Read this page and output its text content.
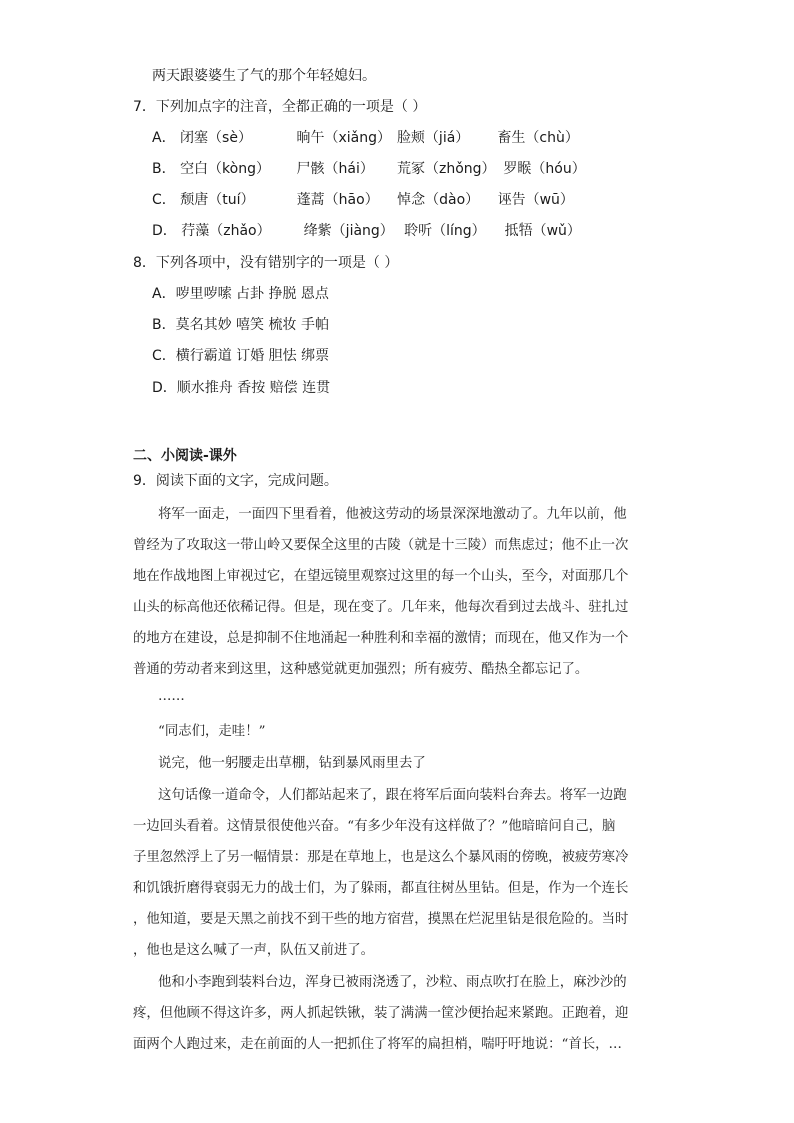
两天跟婆婆生了气的那个年轻媳妇。
7．下列加点字的注音，全都正确的一项是（ ）
A． 闭塞（sè）	晌午（xiǎng） 脸颊（jiá） 畜生（chù）
B． 空白（kòng） 尸骸（hái） 荒冢（zhǒng） 罗睺（hóu）
C． 颓唐（tuí）	蓬蒿（hāo） 悼念（dào） 诬告（wū）
D． 荇藻（zhǎo） 绛紫（jiàng） 聆听（líng） 抵牾（wǔ）
8．下列各项中，没有错别字的一项是（ ）
A．哕里哕嗦 占卦 挣脱 恩点
B．莫名其妙 嘻笑 梳妆 手帕
C．横行霸道 订婚 胆怯 绑票
D．顺水推舟 香按 赔偿 连贯
二、小阅读-课外
9．阅读下面的文字，完成问题。
将军一面走，一面四下里看着，他被这劳动的场景深深地激动了。九年以前，他
曾经为了攻取这一带山岭又要保全这里的古陵（就是十三陵）而焦虑过；他不止一次
地在作战地图上审视过它，在望远镜里观察过这里的每一个山头，至今，对面那几个
山头的标高他还依稀记得。但是，现在变了。几年来，他每次看到过去战斗、驻扎过
的地方在建设，总是抑制不住地涌起一种胜利和幸福的激情；而现在，他又作为一个
普通的劳动者来到这里，这种感觉就更加强烈；所有疲劳、酷热全都忘记了。
……
“同志们，走哇！”
说完，他一躬腰走出草棚，钻到暴风雨里去了
这句话像一道命令，人们都站起来了，跟在将军后面向装料台奔去。将军一边跑
一边回头看着。这情景很使他兴奋。“有多少年没有这样做了？”他暗暗问自己，脑
子里忽然浮上了另一幅情景：那是在草地上，也是这么个暴风雨的傍晚，被疲劳寒冷
和饥饿折磨得衰弱无力的战士们，为了躲雨，都直往树丛里钻。但是，作为一个连长
，他知道，要是天黑之前找不到干些的地方宿营，摸黑在烂泥里钻是很危险的。当时
，他也是这么喊了一声，队伍又前进了。
他和小李跑到装料台边，浑身已被雨浇透了，沙粒、雨点吹打在脸上，麻沙沙的
疼，但他顾不得这许多，两人抓起铁锹，装了满满一筐沙便抬起来紧跑。正跑着，迎
面两个人跑过来，走在前面的人一把抓住了将军的扁担梢，喘吁吁地说：“首长，…
